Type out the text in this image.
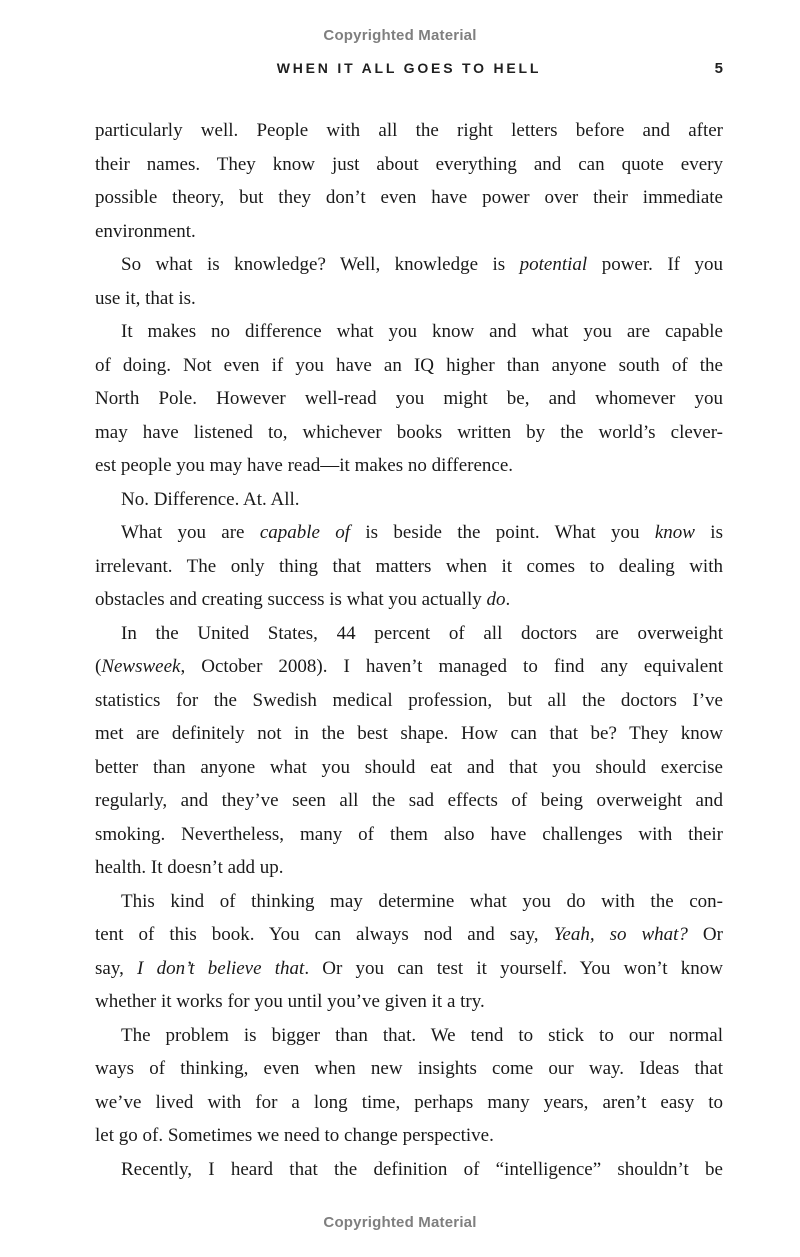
Copyrighted Material
WHEN IT ALL GOES TO HELL	5
particularly well. People with all the right letters before and after
their names. They know just about everything and can quote every
possible theory, but they don’t even have power over their immediate
environment.
So what is knowledge? Well, knowledge is potential power. If you
use it, that is.
It makes no difference what you know and what you are capable
of doing. Not even if you have an IQ higher than anyone south of the
North Pole. However well-read you might be, and whomever you
may have listened to, whichever books written by the world’s clever-
est people you may have read—it makes no difference.
No. Difference. At. All.
What you are capable of is beside the point. What you know is
irrelevant. The only thing that matters when it comes to dealing with
obstacles and creating success is what you actually do.
In the United States, 44 percent of all doctors are overweight
(Newsweek, October 2008). I haven’t managed to find any equivalent
statistics for the Swedish medical profession, but all the doctors I’ve
met are definitely not in the best shape. How can that be? They know
better than anyone what you should eat and that you should exercise
regularly, and they’ve seen all the sad effects of being overweight and
smoking. Nevertheless, many of them also have challenges with their
health. It doesn’t add up.
This kind of thinking may determine what you do with the con-
tent of this book. You can always nod and say, Yeah, so what? Or
say, I don’t believe that. Or you can test it yourself. You won’t know
whether it works for you until you’ve given it a try.
The problem is bigger than that. We tend to stick to our normal
ways of thinking, even when new insights come our way. Ideas that
we’ve lived with for a long time, perhaps many years, aren’t easy to
let go of. Sometimes we need to change perspective.
Recently, I heard that the definition of “intelligence” shouldn’t be
Copyrighted Material
